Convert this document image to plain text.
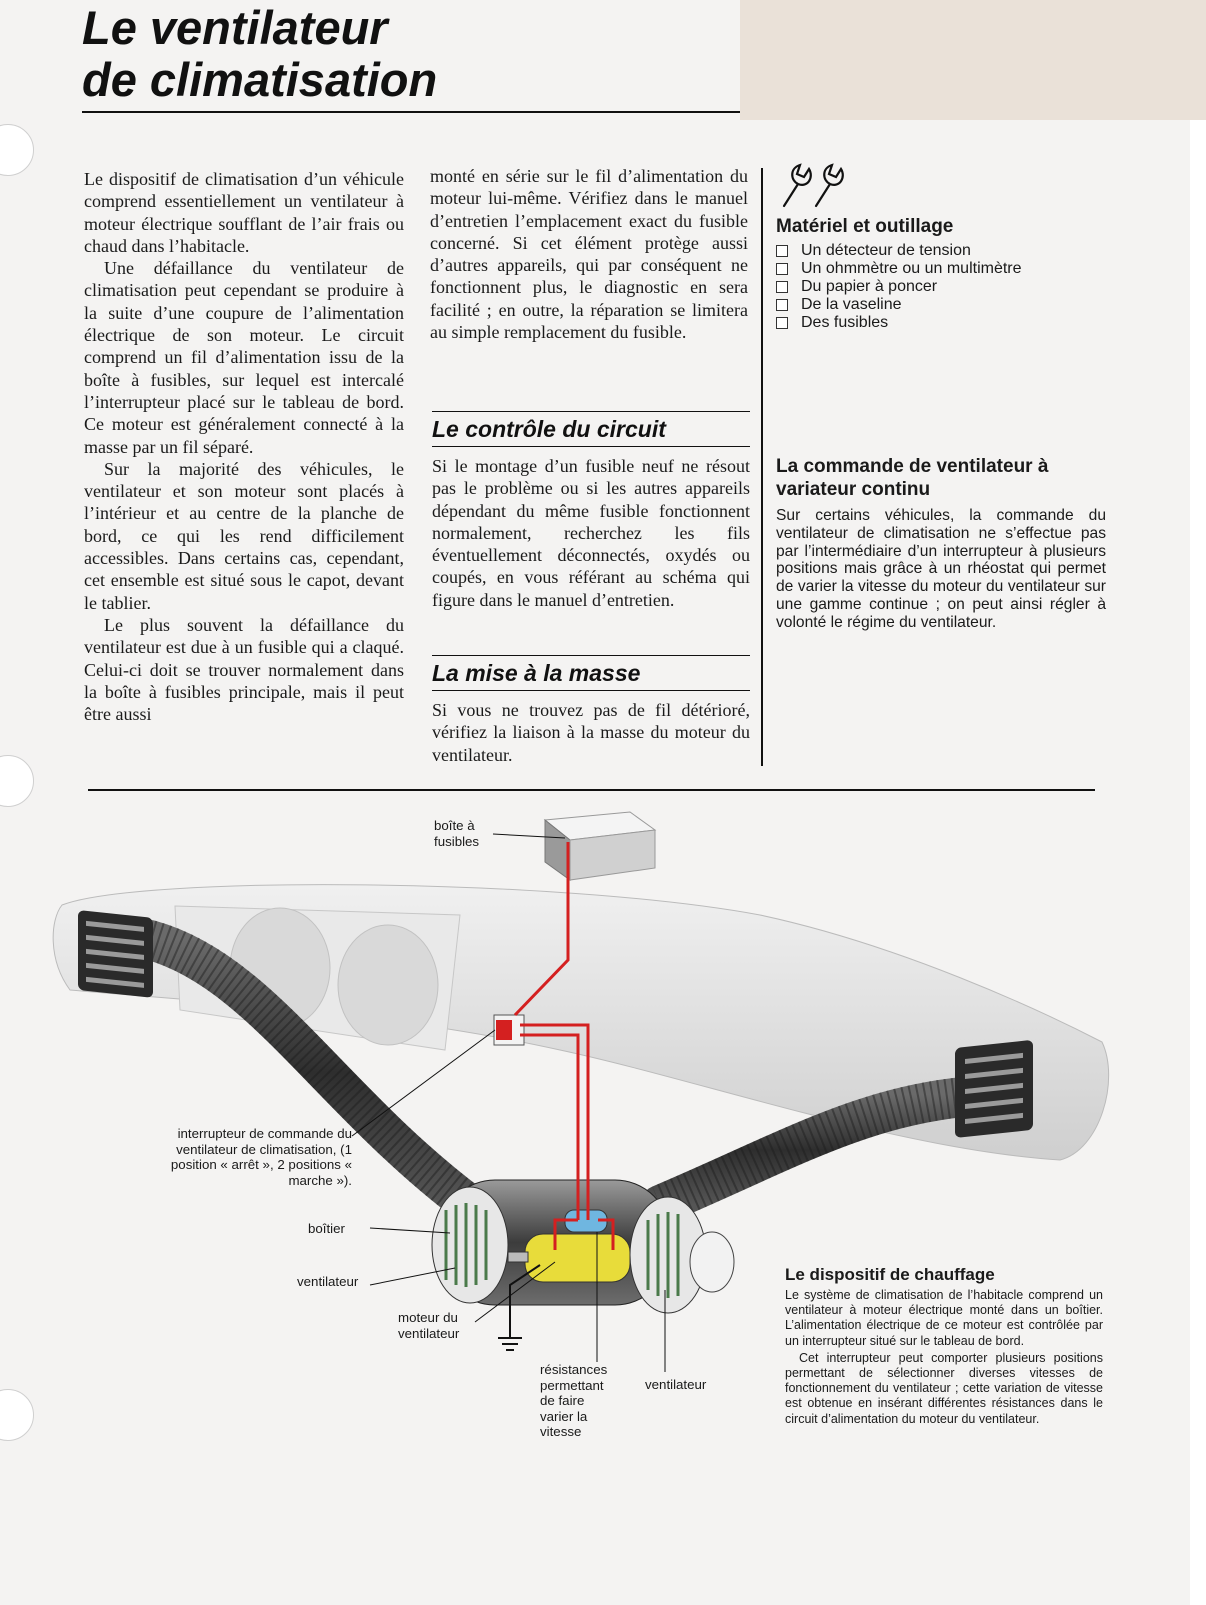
Le ventilateur
de climatisation

Le dispositif de climatisation d’un véhicule comprend essentiellement un ventilateur à moteur électrique soufflant de l’air frais ou chaud dans l’habitacle.

Une défaillance du ventilateur de climatisation peut cependant se produire à la suite d’une coupure de l’alimentation électrique de son moteur. Le circuit comprend un fil d’alimentation issu de la boîte à fusibles, sur lequel est intercalé l’interrupteur placé sur le tableau de bord. Ce moteur est généralement connecté à la masse par un fil séparé.

Sur la majorité des véhicules, le ventilateur et son moteur sont placés à l’intérieur et au centre de la planche de bord, ce qui les rend difficilement accessibles. Dans certains cas, cependant, cet ensemble est situé sous le capot, devant le tablier.

Le plus souvent la défaillance du ventilateur est due à un fusible qui a claqué. Celui-ci doit se trouver normalement dans la boîte à fusibles principale, mais il peut être aussi

monté en série sur le fil d’alimentation du moteur lui-même. Vérifiez dans le manuel d’entretien l’emplacement exact du fusible concerné. Si cet élément protège aussi d’autres appareils, qui par conséquent ne fonctionnent plus, le diagnostic en sera facilité ; en outre, la réparation se limitera au simple remplacement du fusible.

Le contrôle du circuit

Si le montage d’un fusible neuf ne résout pas le problème ou si les autres appareils dépendant du même fusible fonctionnent normalement, recherchez les fils éventuellement déconnectés, oxydés ou coupés, en vous référant au schéma qui figure dans le manuel d’entretien.

La mise à la masse

Si vous ne trouvez pas de fil détérioré, vérifiez la liaison à la masse du moteur du ventilateur.

Matériel et outillage
Un détecteur de tension
Un ohmmètre ou un multimètre
Du papier à poncer
De la vaseline
Des fusibles
La commande de ventilateur à variateur continu

Sur certains véhicules, la commande du ventilateur de climatisation ne s’effectue pas par l’intermédiaire d’un interrupteur à plusieurs positions mais grâce à un rhéostat qui permet de varier la vitesse du moteur du ventilateur sur une gamme continue ; on peut ainsi régler à volonté le régime du ventilateur.

boîte à fusibles
interrupteur de commande du ventilateur de climatisation, (1 position « arrêt », 2 positions « marche »).
boîtier
ventilateur
moteur du ventilateur
résistances permettant de faire varier la vitesse
ventilateur
Le dispositif de chauffage

Le système de climatisation de l’habitacle comprend un ventilateur à moteur électrique monté dans un boîtier. L’alimentation électrique de ce moteur est contrôlée par un interrupteur situé sur le tableau de bord.

Cet interrupteur peut comporter plusieurs positions permettant de sélectionner diverses vitesses de fonctionnement du ventilateur ; cette variation de vitesse est obtenue en insérant différentes résistances dans le circuit d’alimentation du moteur du ventilateur.
